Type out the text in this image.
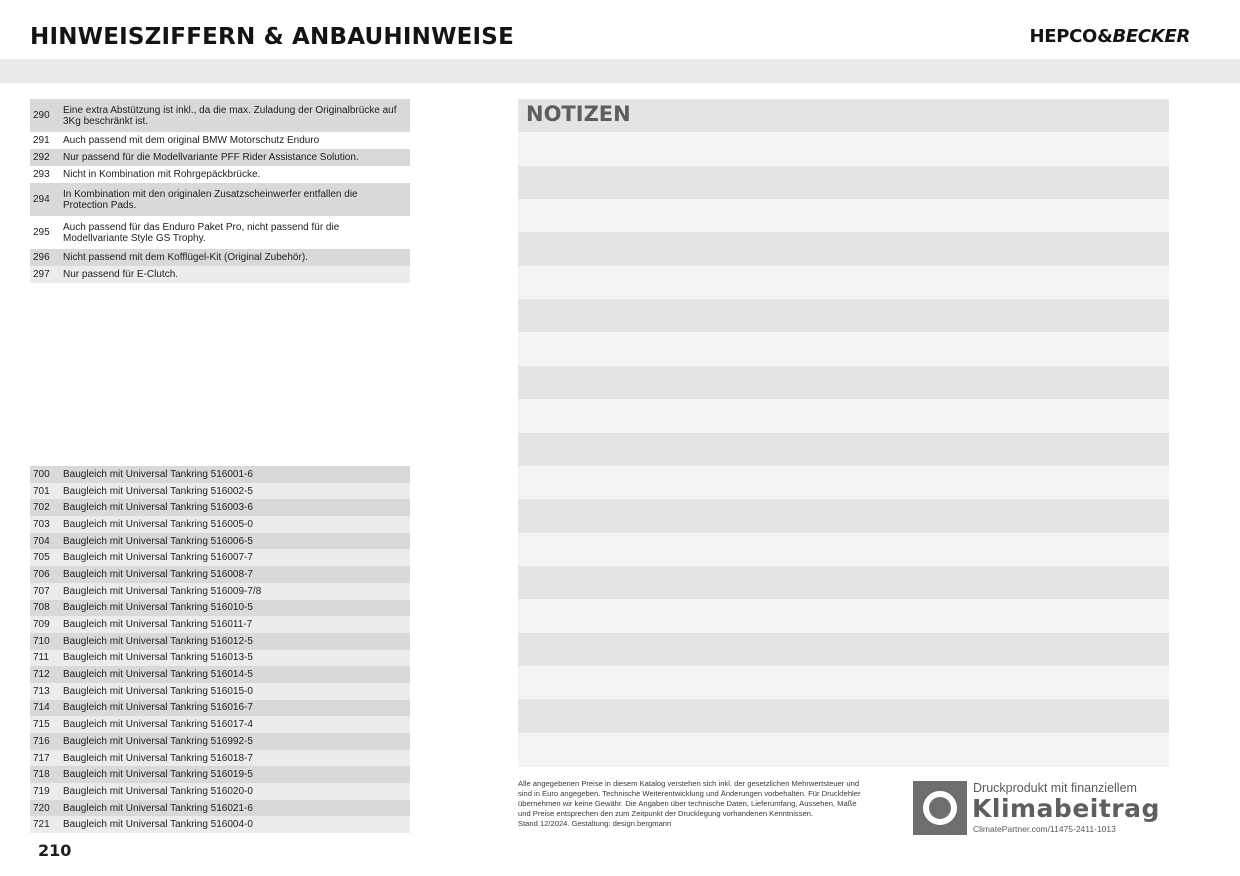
HINWEISZIFFERN & ANBAUHINWEISE	HEPCO&BECKER
290	Eine extra Abstützung ist inkl., da die max. Zuladung der Originalbrücke auf 3Kg beschränkt ist.
291	Auch passend mit dem original BMW Motorschutz Enduro
292	Nur passend für die Modellvariante PFF Rider Assistance Solution.
293	Nicht in Kombination mit Rohrgepäckbrücke.
294	In Kombination mit den originalen Zusatzscheinwerfer entfallen die Protection Pads.
295	Auch passend für das Enduro Paket Pro, nicht passend für die Modellvariante Style GS Trophy.
296	Nicht passend mit dem Kofflügel-Kit (Original Zubehör).
297	Nur passend für E-Clutch.
700	Baugleich mit Universal Tankring 516001-6
701	Baugleich mit Universal Tankring 516002-5
702	Baugleich mit Universal Tankring 516003-6
703	Baugleich mit Universal Tankring 516005-0
704	Baugleich mit Universal Tankring 516006-5
705	Baugleich mit Universal Tankring 516007-7
706	Baugleich mit Universal Tankring 516008-7
707	Baugleich mit Universal Tankring 516009-7/8
708	Baugleich mit Universal Tankring 516010-5
709	Baugleich mit Universal Tankring 516011-7
710	Baugleich mit Universal Tankring 516012-5
711	Baugleich mit Universal Tankring 516013-5
712	Baugleich mit Universal Tankring 516014-5
713	Baugleich mit Universal Tankring 516015-0
714	Baugleich mit Universal Tankring 516016-7
715	Baugleich mit Universal Tankring 516017-4
716	Baugleich mit Universal Tankring 516992-5
717	Baugleich mit Universal Tankring 516018-7
718	Baugleich mit Universal Tankring 516019-5
719	Baugleich mit Universal Tankring 516020-0
720	Baugleich mit Universal Tankring 516021-6
721	Baugleich mit Universal Tankring 516004-0
NOTIZEN

Alle angegebenen Preise in diesem Katalog verstehen sich inkl. der gesetzlichen Mehrwertsteuer und

sind in Euro angegeben. Technische Weiterentwicklung und Änderungen vorbehalten. Für Druckfehler

übernehmen wir keine Gewähr. Die Angaben über technische Daten, Lieferumfang, Aussehen, Maße

und Preise entsprechen den zum Zeitpunkt der Drucklegung vorhandenen Kenntnissen.

Stand 12/2024. Gestaltung: design.bergmann

Druckprodukt mit finanziellem
Klimabeitrag
ClimatePartner.com/11475-2411-1013
210
